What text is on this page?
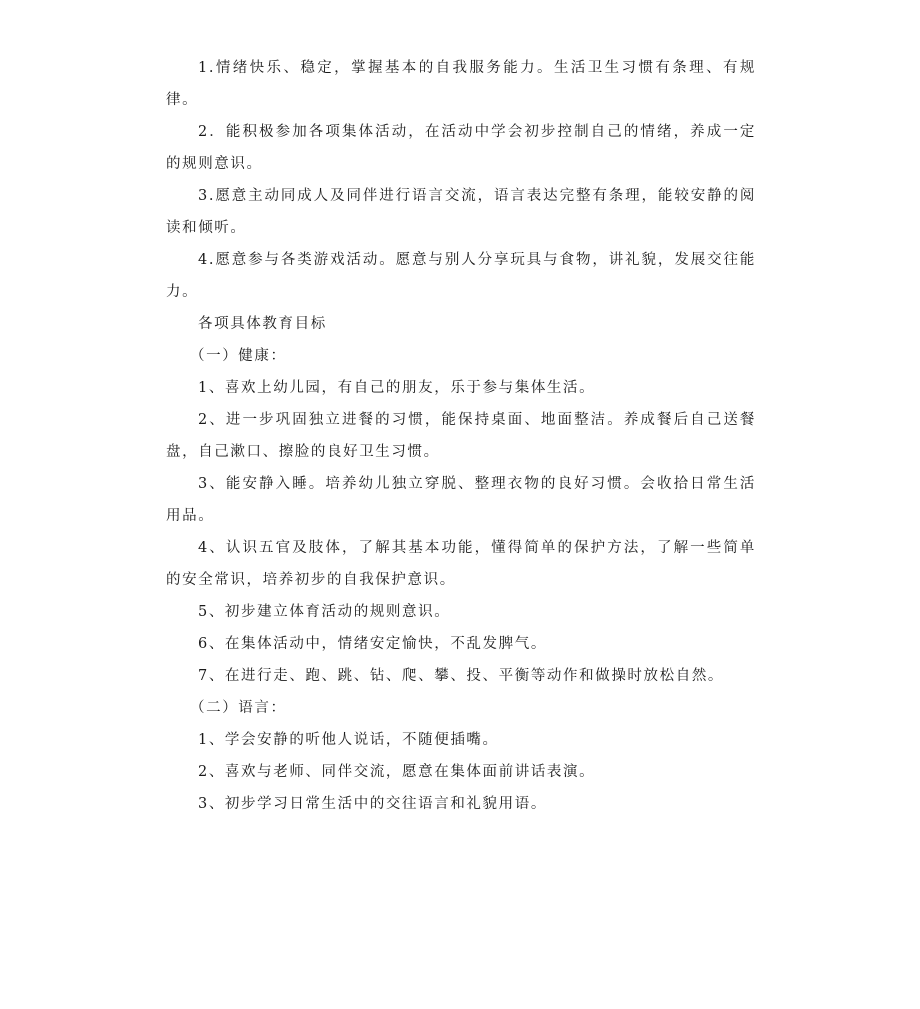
1.情绪快乐、稳定，掌握基本的自我服务能力。生活卫生习惯有条理、有规律。

2．能积极参加各项集体活动，在活动中学会初步控制自己的情绪，养成一定的规则意识。

3.愿意主动同成人及同伴进行语言交流，语言表达完整有条理，能较安静的阅读和倾听。

4.愿意参与各类游戏活动。愿意与别人分享玩具与食物，讲礼貌，发展交往能力。

各项具体教育目标

（一）健康：

1、喜欢上幼儿园，有自己的朋友，乐于参与集体生活。

2、进一步巩固独立进餐的习惯，能保持桌面、地面整洁。养成餐后自己送餐盘，自己漱口、擦脸的良好卫生习惯。

3、能安静入睡。培养幼儿独立穿脱、整理衣物的良好习惯。会收拾日常生活用品。

4、认识五官及肢体，了解其基本功能，懂得简单的保护方法，了解一些简单的安全常识，培养初步的自我保护意识。

5、初步建立体育活动的规则意识。

6、在集体活动中，情绪安定愉快，不乱发脾气。

7、在进行走、跑、跳、钻、爬、攀、投、平衡等动作和做操时放松自然。

（二）语言：

1、学会安静的听他人说话，不随便插嘴。

2、喜欢与老师、同伴交流，愿意在集体面前讲话表演。

3、初步学习日常生活中的交往语言和礼貌用语。
